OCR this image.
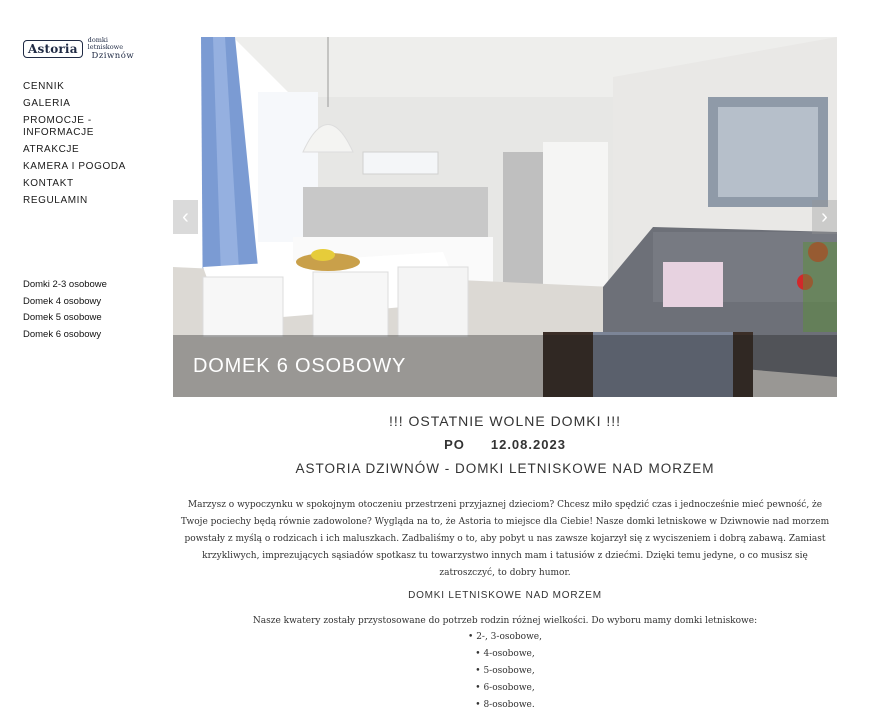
Astoria
domki letniskowe
Dziwnów
CENNIK
GALERIA
PROMOCJE - INFORMACJE
ATRAKCJE
KAMERA I POGODA
KONTAKT
REGULAMIN
Domki 2-3 osobowe
Domek 4 osobowy
Domek 5 osobowe
Domek 6 osobowy
DOMEK 6 OSOBOWY
‹	›
!!! OSTATNIE WOLNE DOMKI !!!
PO 12.08.2023
ASTORIA DZIWNÓW - DOMKI LETNISKOWE NAD MORZEM

Marzysz o wypoczynku w spokojnym otoczeniu przestrzeni przyjaznej dzieciom? Chcesz miło spędzić czas i jednocześnie mieć pewność, że Twoje pociechy będą równie zadowolone? Wygląda na to, że Astoria to miejsce dla Ciebie! Nasze domki letniskowe w Dziwnowie nad morzem powstały z myślą o rodzicach i ich maluszkach. Zadbaliśmy o to, aby pobyt u nas zawsze kojarzył się z wyciszeniem i dobrą zabawą. Zamiast krzykliwych, imprezujących sąsiadów spotkasz tu towarzystwo innych mam i tatusiów z dziećmi. Dzięki temu jedyne, o co musisz się zatroszczyć, to dobry humor.

DOMKI LETNISKOWE NAD MORZEM

Nasze kwatery zostały przystosowane do potrzeb rodzin różnej wielkości. Do wyboru mamy domki letniskowe:

• 2-, 3-osobowe,
• 4-osobowe,
• 5-osobowe,
• 6-osobowe,
• 8-osobowe.
